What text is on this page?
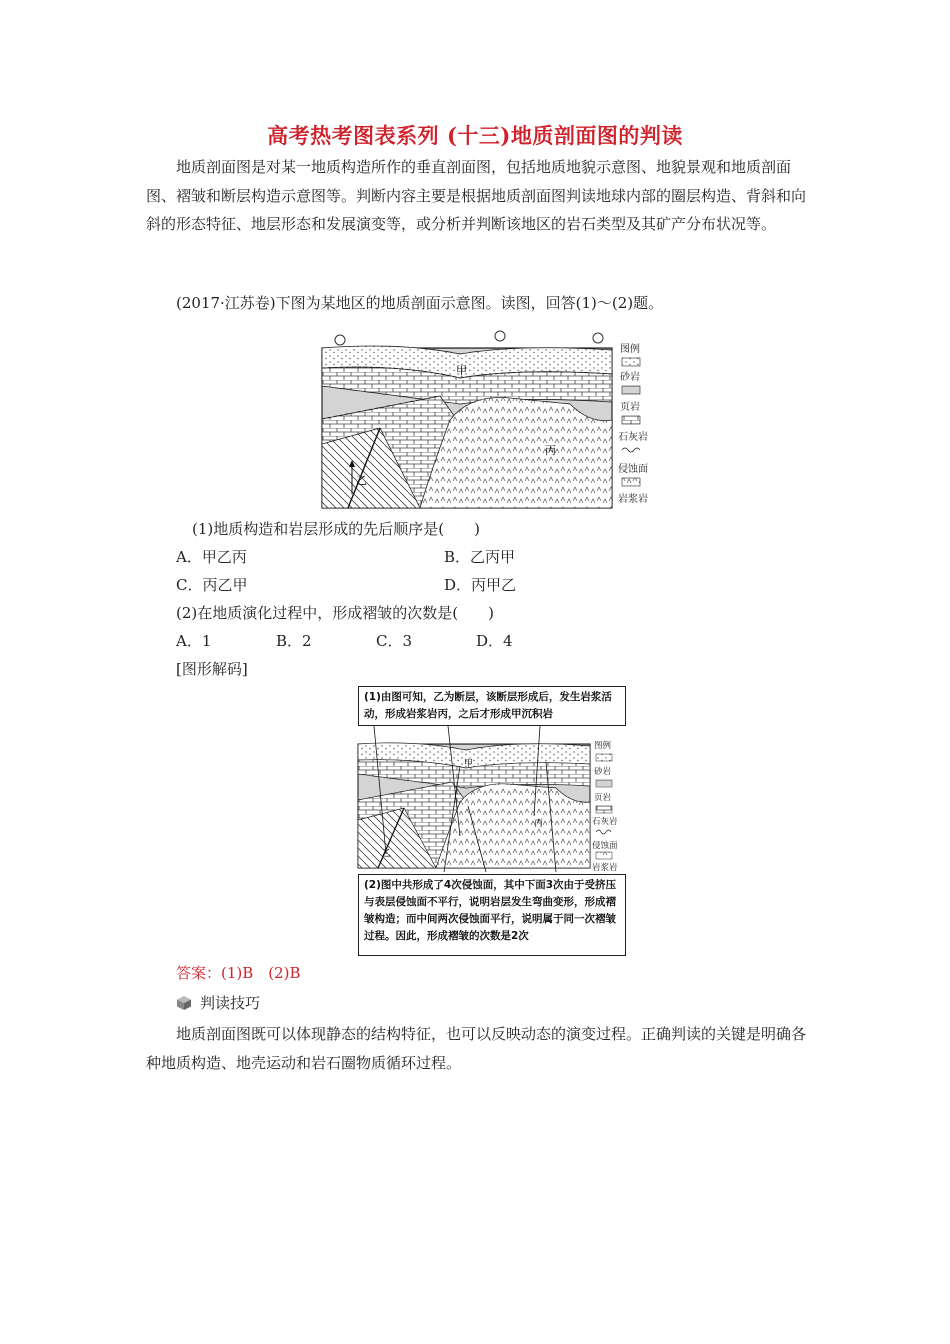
高考热考图表系列 (十三)地质剖面图的判读
地质剖面图是对某一地质构造所作的垂直剖面图，包括地质地貌示意图、地貌景观和地质剖面图、褶皱和断层构造示意图等。判断内容主要是根据地质剖面图判读地球内部的圈层构造、背斜和向斜的形态特征、地层形态和发展演变等，或分析并判断该地区的岩石类型及其矿产分布状况等。
(2017·江苏卷)下图为某地区的地质剖面示意图。读图，回答(1)～(2)题。
甲
乙
丙
图例
砂岩
页岩
石灰岩
侵蚀面
岩浆岩
(1)地质构造和岩层形成的先后顺序是(　　)
A．甲乙丙	B．乙丙甲
C．丙乙甲	D．丙甲乙
(2)在地质演化过程中，形成褶皱的次数是(　　)
A．1	B．2	C．3	D．4
[图形解码]
(1)由图可知，乙为断层，该断层形成后，发生岩浆活动，形成岩浆岩丙，之后才形成甲沉积岩
甲
乙
丙
图例
砂岩
页岩
石灰岩
侵蚀面
岩浆岩
(2)图中共形成了4次侵蚀面，其中下面3次由于受挤压与表层侵蚀面不平行，说明岩层发生弯曲变形，形成褶皱构造；而中间两次侵蚀面平行，说明属于同一次褶皱过程。因此，形成褶皱的次数是2次
答案：(1)B　(2)B
判读技巧
地质剖面图既可以体现静态的结构特征，也可以反映动态的演变过程。正确判读的关键是明确各种地质构造、地壳运动和岩石圈物质循环过程。
